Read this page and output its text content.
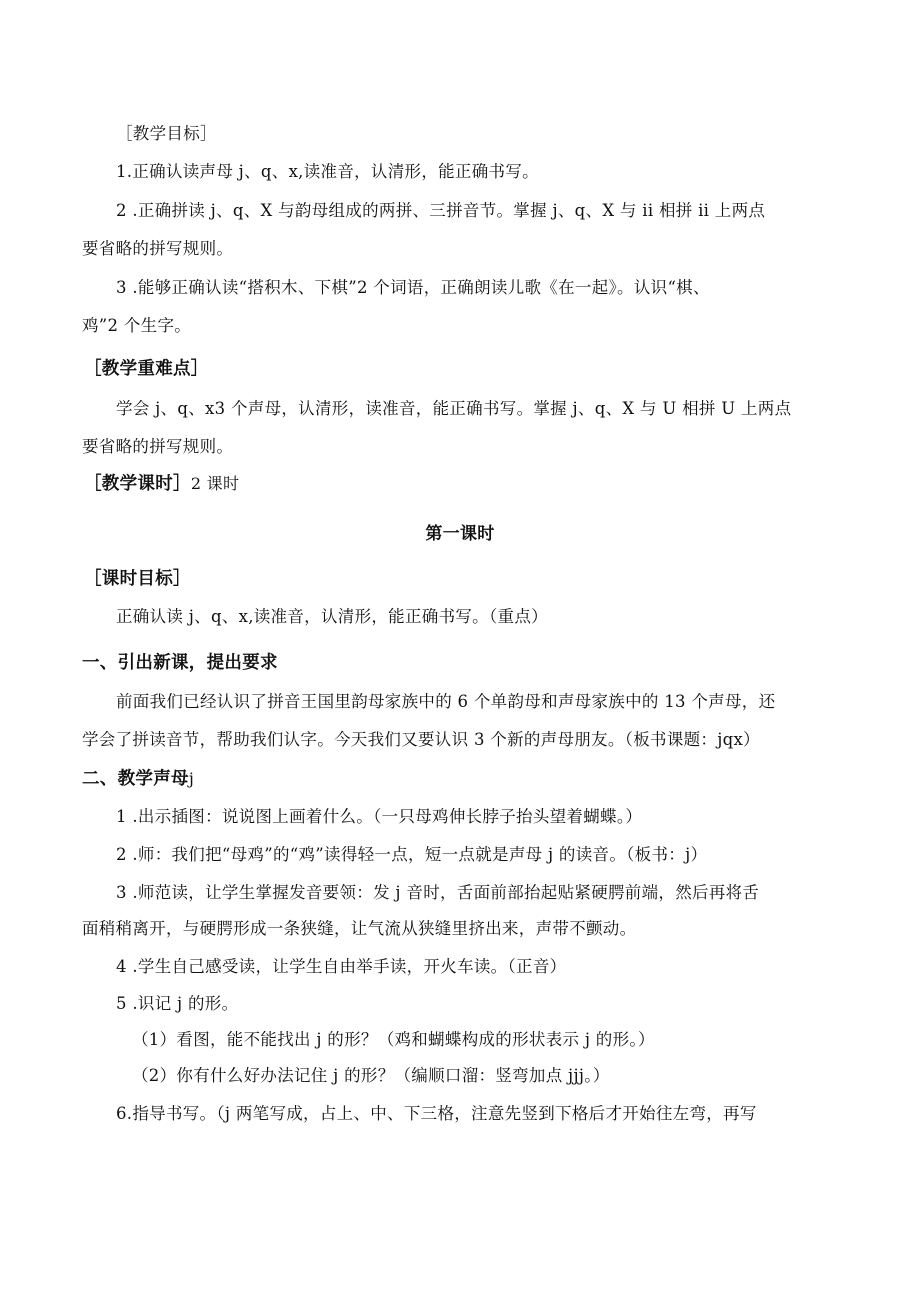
［教学目标］
1.正确认读声母 j、q、x,读准音，认清形，能正确书写。
2 .正确拼读 j、q、X 与韵母组成的两拼、三拼音节。掌握 j、q、X 与 ii 相拼 ii 上两点
要省略的拼写规则。
3 .能够正确认读“搭积木、下棋”2 个词语，正确朗读儿歌《在一起》。认识“棋、
鸡”2 个生字。
［教学重难点］
学会 j、q、x3 个声母，认清形，读准音，能正确书写。掌握 j、q、X 与 U 相拼 U 上两点
要省略的拼写规则。
［教学课时］2 课时
第一课时
［课时目标］
正确认读 j、q、x,读准音，认清形，能正确书写。（重点）
一、引出新课，提出要求
前面我们已经认识了拼音王国里韵母家族中的 6 个单韵母和声母家族中的 13 个声母，还
学会了拼读音节，帮助我们认字。今天我们又要认识 3 个新的声母朋友。（板书课题：jqx）
二、教学声母j
1 .出示插图：说说图上画着什么。（一只母鸡伸长脖子抬头望着蝴蝶。）
2 .师：我们把“母鸡”的“鸡”读得轻一点，短一点就是声母 j 的读音。（板书：j）
3 .师范读，让学生掌握发音要领：发 j 音时，舌面前部抬起贴紧硬腭前端，然后再将舌
面稍稍离开，与硬腭形成一条狭缝，让气流从狭缝里挤出来，声带不颤动。
4 .学生自己感受读，让学生自由举手读，开火车读。（正音）
5 .识记 j 的形。
（1）看图，能不能找出 j 的形？（鸡和蝴蝶构成的形状表示 j 的形。）
（2）你有什么好办法记住 j 的形？（编顺口溜：竖弯加点 jjj。）
6.指导书写。（j 两笔写成，占上、中、下三格，注意先竖到下格后才开始往左弯，再写
